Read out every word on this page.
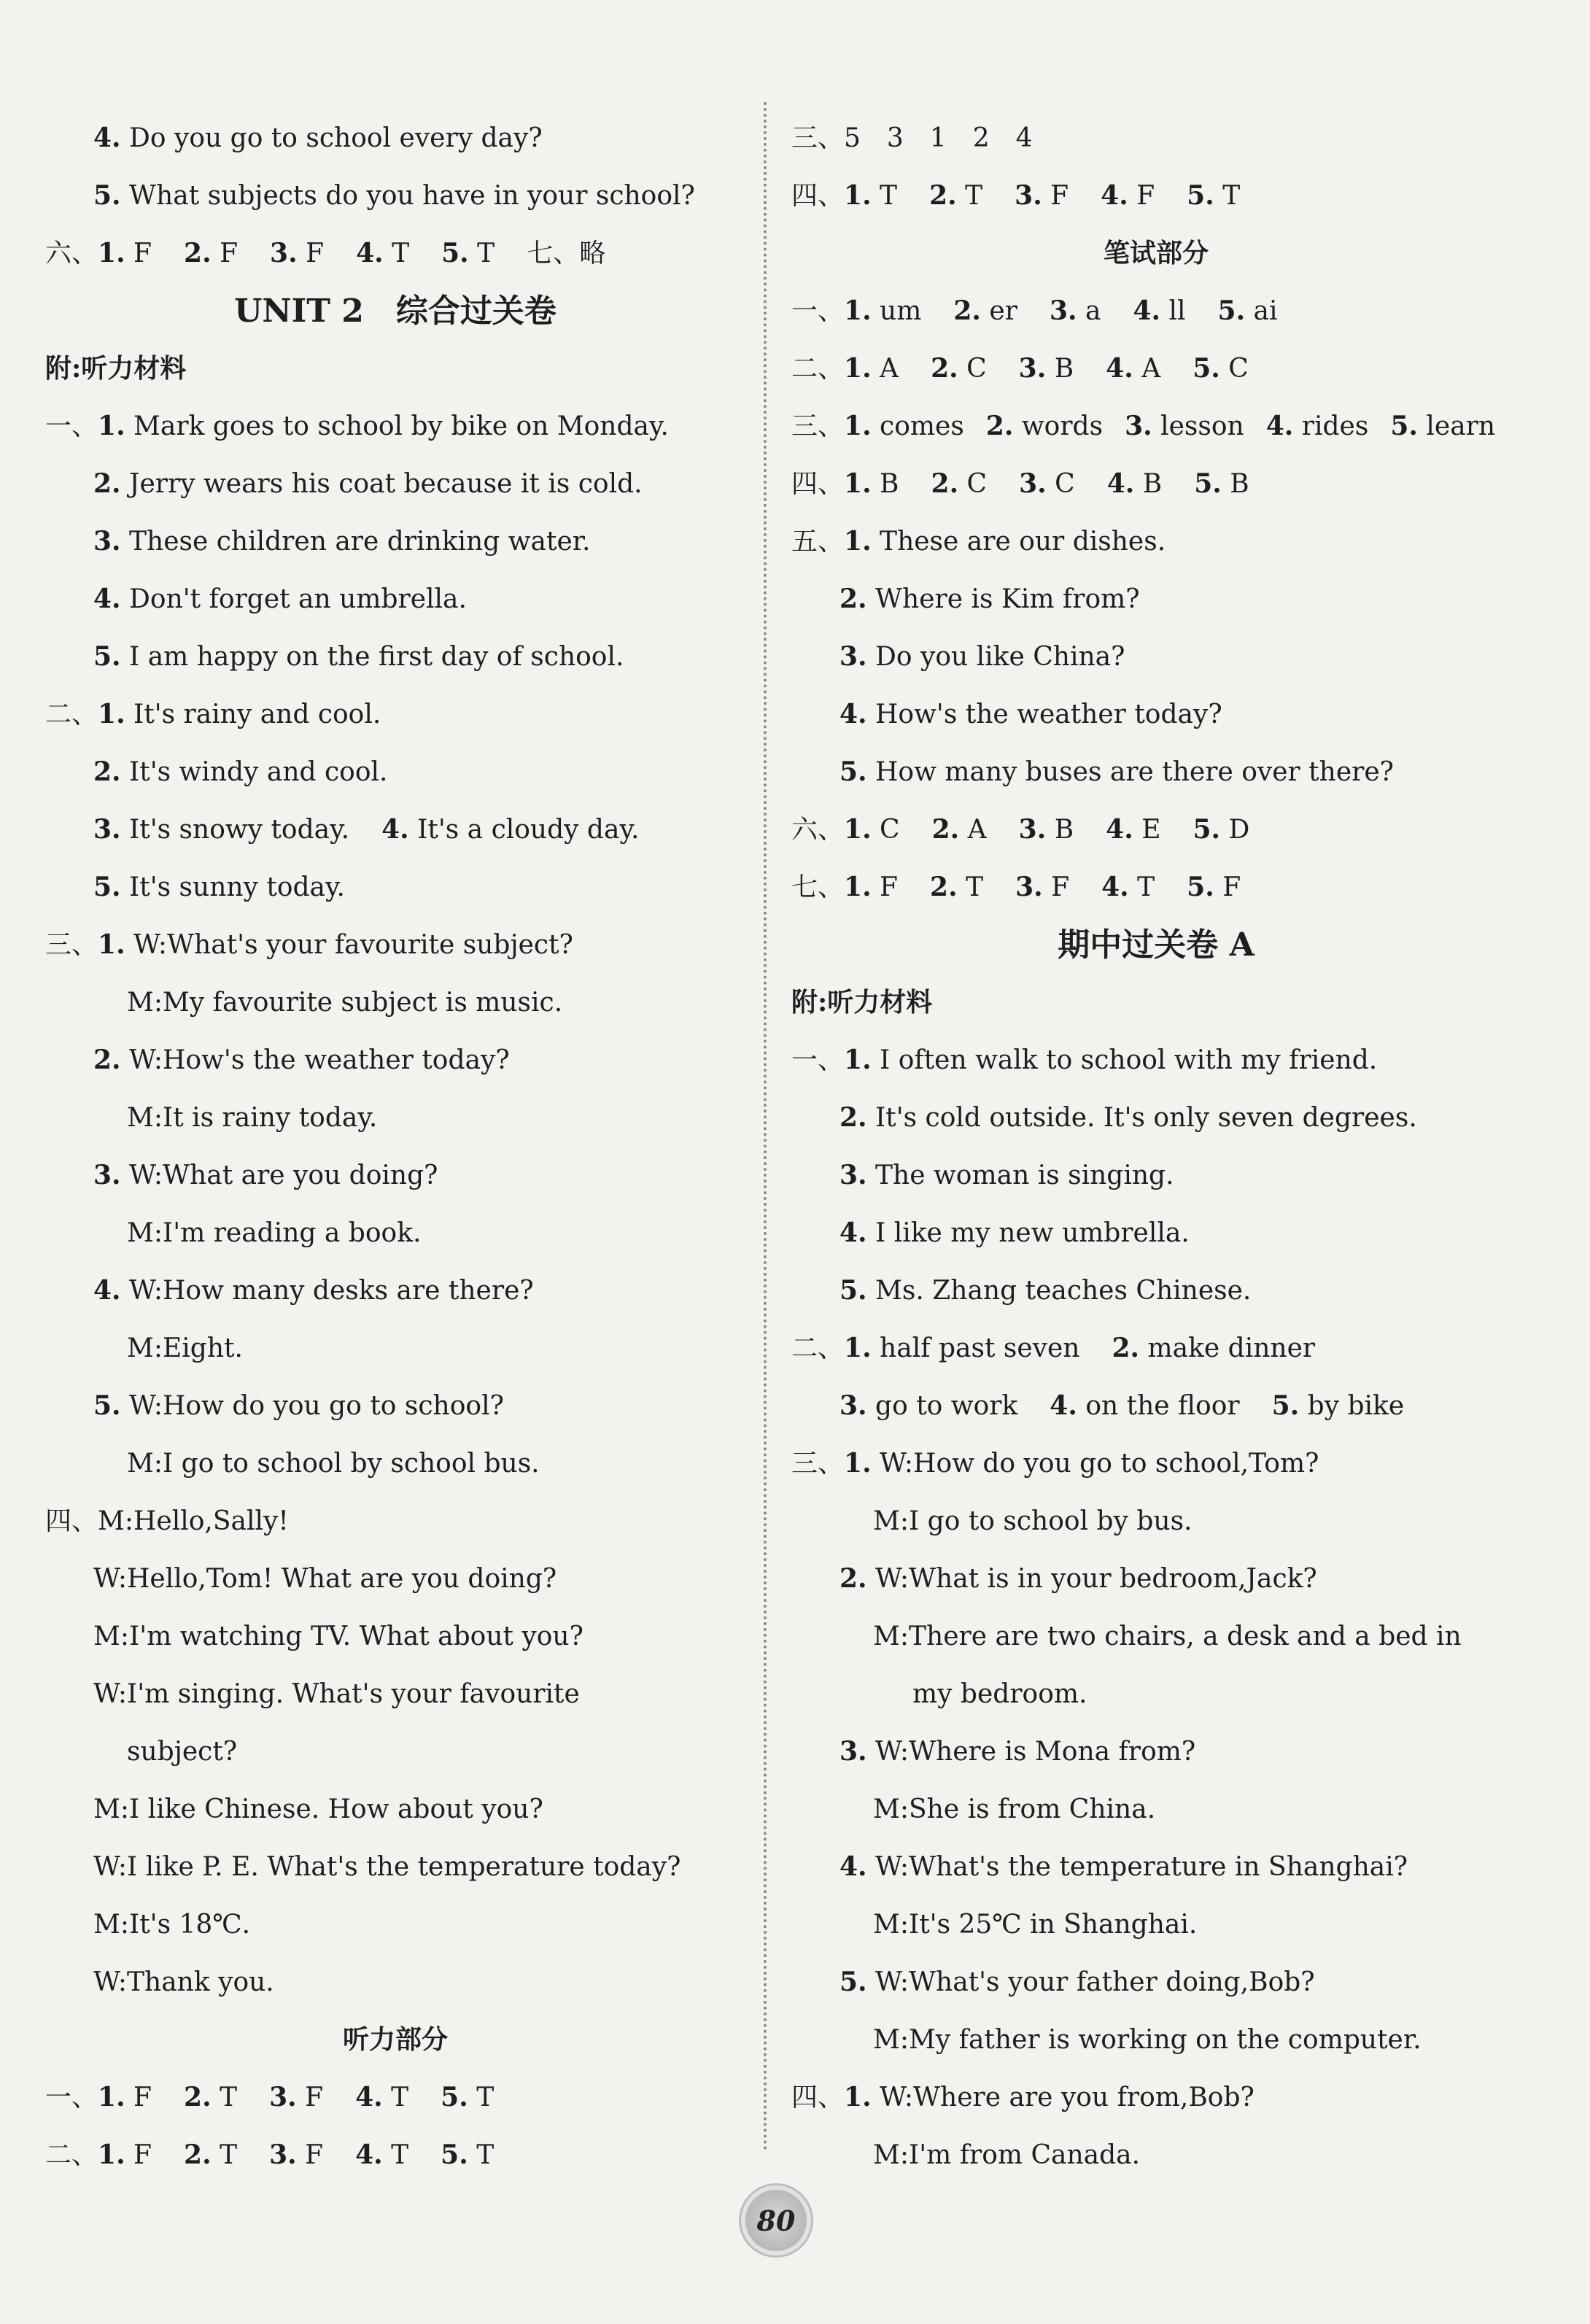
4. Do you go to school every day?
5. What subjects do you have in your school?
六、1. F 2. F 3. F 4. T 5. T 七、略
UNIT 2　综合过关卷
附:听力材料
一、1. Mark goes to school by bike on Monday.
2. Jerry wears his coat because it is cold.
3. These children are drinking water.
4. Don't forget an umbrella.
5. I am happy on the first day of school.
二、1. It's rainy and cool.
2. It's windy and cool.
3. It's snowy today. 4. It's a cloudy day.
5. It's sunny today.
三、1. W:What's your favourite subject?
M:My favourite subject is music.
2. W:How's the weather today?
M:It is rainy today.
3. W:What are you doing?
M:I'm reading a book.
4. W:How many desks are there?
M:Eight.
5. W:How do you go to school?
M:I go to school by school bus.
四、M:Hello,Sally!
W:Hello,Tom! What are you doing?
M:I'm watching TV. What about you?
W:I'm singing. What's your favourite
subject?
M:I like Chinese. How about you?
W:I like P. E. What's the temperature today?
M:It's 18℃.
W:Thank you.
听力部分
一、1. F 2. T 3. F 4. T 5. T
二、1. F 2. T 3. F 4. T 5. T
三、5　3　1　2　4
四、1. T 2. T 3. F 4. F 5. T
笔试部分
一、1. um 2. er 3. a 4. ll 5. ai
二、1. A 2. C 3. B 4. A 5. C
三、1. comes 2. words 3. lesson 4. rides 5. learn
四、1. B 2. C 3. C 4. B 5. B
五、1. These are our dishes.
2. Where is Kim from?
3. Do you like China?
4. How's the weather today?
5. How many buses are there over there?
六、1. C 2. A 3. B 4. E 5. D
七、1. F 2. T 3. F 4. T 5. F
期中过关卷 A
附:听力材料
一、1. I often walk to school with my friend.
2. It's cold outside. It's only seven degrees.
3. The woman is singing.
4. I like my new umbrella.
5. Ms. Zhang teaches Chinese.
二、1. half past seven 2. make dinner
3. go to work 4. on the floor 5. by bike
三、1. W:How do you go to school,Tom?
M:I go to school by bus.
2. W:What is in your bedroom,Jack?
M:There are two chairs, a desk and a bed in
my bedroom.
3. W:Where is Mona from?
M:She is from China.
4. W:What's the temperature in Shanghai?
M:It's 25℃ in Shanghai.
5. W:What's your father doing,Bob?
M:My father is working on the computer.
四、1. W:Where are you from,Bob?
M:I'm from Canada.
80
